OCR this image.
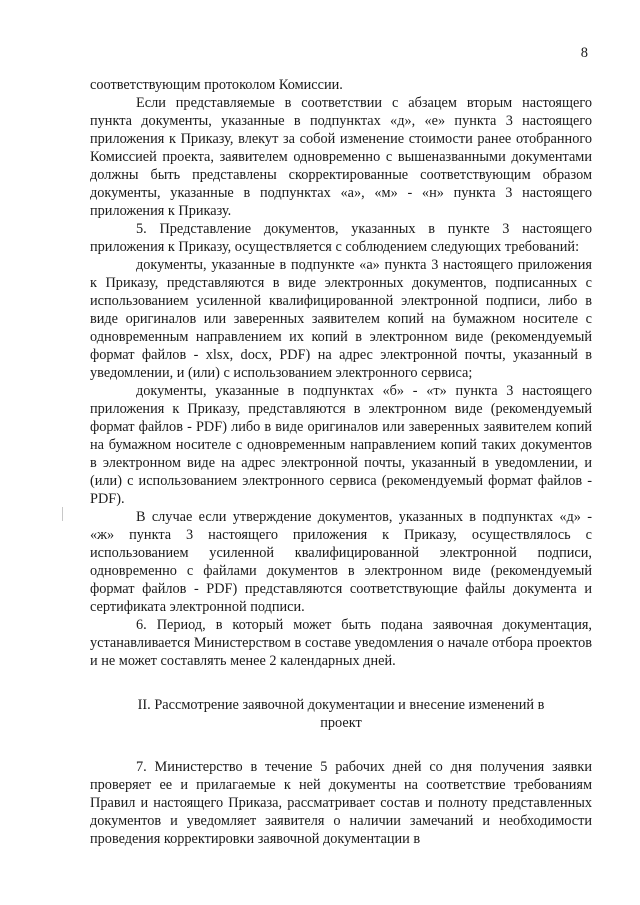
8

соответствующим протоколом Комиссии.

Если представляемые в соответствии с абзацем вторым настоящего пункта документы, указанные в подпунктах «д», «е» пункта 3 настоящего приложения к Приказу, влекут за собой изменение стоимости ранее отобранного Комиссией проекта, заявителем одновременно с вышеназванными документами должны быть представлены скорректированные соответствующим образом документы, указанные в подпунктах «а», «м» - «н» пункта 3 настоящего приложения к Приказу.

5. Представление документов, указанных в пункте 3 настоящего приложения к Приказу, осуществляется с соблюдением следующих требований:

документы, указанные в подпункте «а» пункта 3 настоящего приложения к Приказу, представляются в виде электронных документов, подписанных с использованием усиленной квалифицированной электронной подписи, либо в виде оригиналов или заверенных заявителем копий на бумажном носителе с одновременным направлением их копий в электронном виде (рекомендуемый формат файлов - xlsx, docx, PDF) на адрес электронной почты, указанный в уведомлении, и (или) с использованием электронного сервиса;

документы, указанные в подпунктах «б» - «т» пункта 3 настоящего приложения к Приказу, представляются в электронном виде (рекомендуемый формат файлов - PDF) либо в виде оригиналов или заверенных заявителем копий на бумажном носителе с одновременным направлением копий таких документов в электронном виде на адрес электронной почты, указанный в уведомлении, и (или) с использованием электронного сервиса (рекомендуемый формат файлов - PDF).

В случае если утверждение документов, указанных в подпунктах «д» - «ж» пункта 3 настоящего приложения к Приказу, осуществлялось с использованием усиленной квалифицированной электронной подписи, одновременно с файлами документов в электронном виде (рекомендуемый формат файлов - PDF) представляются соответствующие файлы документа и сертификата электронной подписи.

6. Период, в который может быть подана заявочная документация, устанавливается Министерством в составе уведомления о начале отбора проектов и не может составлять менее 2 календарных дней.

II. Рассмотрение заявочной документации и внесение изменений в проект

7. Министерство в течение 5 рабочих дней со дня получения заявки проверяет ее и прилагаемые к ней документы на соответствие требованиям Правил и настоящего Приказа, рассматривает состав и полноту представленных документов и уведомляет заявителя о наличии замечаний и необходимости проведения корректировки заявочной документации в
